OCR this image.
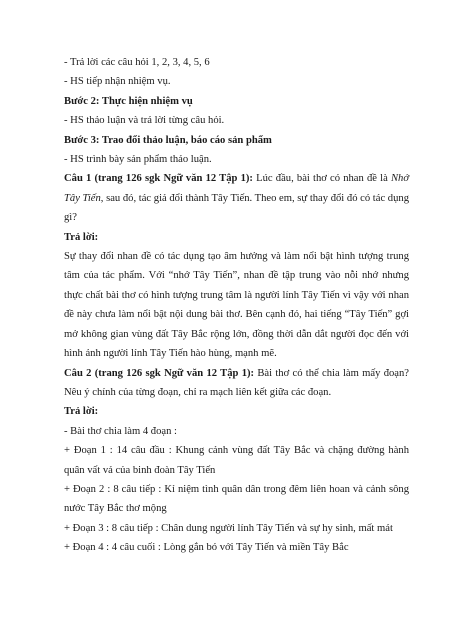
- Trả lời các câu hỏi 1, 2, 3, 4, 5, 6

- HS tiếp nhận nhiệm vụ.

Bước 2: Thực hiện nhiệm vụ

- HS thảo luận và trả lời từng câu hỏi.

Bước 3: Trao đổi thảo luận, báo cáo sản phẩm

- HS trình bày sản phẩm thảo luận.

Câu 1 (trang 126 sgk Ngữ văn 12 Tập 1): Lúc đầu, bài thơ có nhan đề là Nhớ Tây Tiến, sau đó, tác giả đổi thành Tây Tiến. Theo em, sự thay đổi đó có tác dụng gì?

Trả lời:

Sự thay đổi nhan đề có tác dụng tạo âm hưởng và làm nổi bật hình tượng trung tâm của tác phẩm. Với “nhớ Tây Tiến”, nhan đề tập trung vào nỗi nhớ nhưng thực chất bài thơ có hình tượng trung tâm là người lính Tây Tiến vì vậy với nhan đề này chưa làm nổi bật nội dung bài thơ. Bên cạnh đó, hai tiếng “Tây Tiến” gợi mở không gian vùng đất Tây Bắc rộng lớn, đồng thời dẫn dắt người đọc đến với hình ảnh người lính Tây Tiến hào hùng, mạnh mẽ.

Câu 2 (trang 126 sgk Ngữ văn 12 Tập 1): Bài thơ có thể chia làm mấy đoạn? Nêu ý chính của từng đoạn, chỉ ra mạch liên kết giữa các đoạn.

Trả lời:

- Bài thơ chia làm 4 đoạn :

+ Đoạn 1 : 14 câu đầu : Khung cảnh vùng đất Tây Bắc và chặng đường hành quân vất vả của binh đoàn Tây Tiến

+ Đoạn 2 : 8 câu tiếp : Kỉ niệm tình quân dân trong đêm liên hoan và cảnh sông nước Tây Bắc thơ mộng

+ Đoạn 3 : 8 câu tiếp : Chân dung người lính Tây Tiến và sự hy sinh, mất mát

+ Đoạn 4 : 4 câu cuối : Lòng gắn bó với Tây Tiến và miền Tây Bắc
